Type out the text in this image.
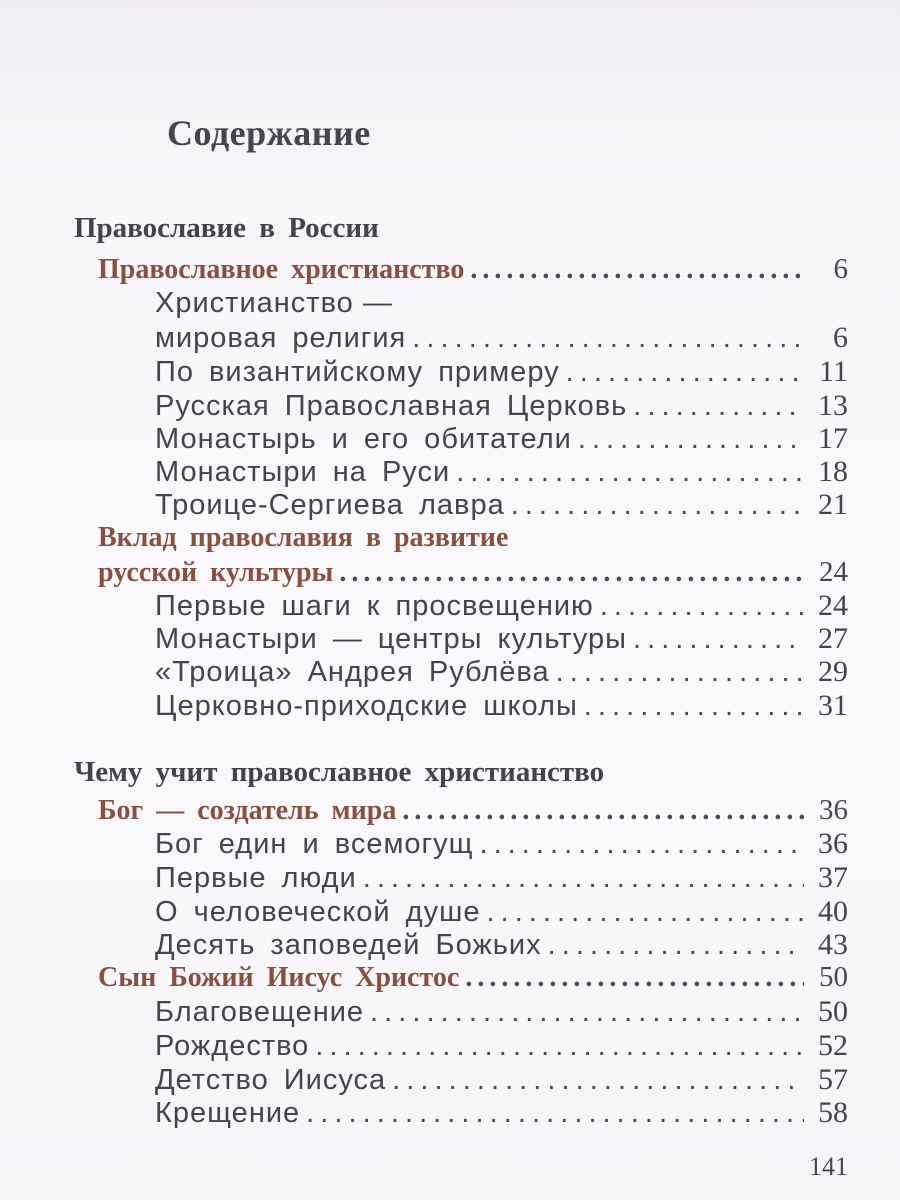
Содержание
Православие в России
Православное христианство . . .	6
Христианство —
мировая религия . . .	6
По византийскому примеру . . .	11
Русская Православная Церковь . . .	13
Монастырь и его обитатели . . .	17
Монастыри на Руси . . .	18
Троице-Сергиева лавра . . .	21
Вклад православия в развитие
русской культуры . . .	24
Первые шаги к просвещению . . .	24
Монастыри — центры культуры . . .	27
«Троица» Андрея Рублёва . . .	29
Церковно-приходские школы . . .	31
Чему учит православное христианство
Бог — создатель мира . . .	36
Бог един и всемогущ . . .	36
Первые люди . . .	37
О человеческой душе . . .	40
Десять заповедей Божьих . . .	43
Сын Божий Иисус Христос . . .	50
Благовещение . . .	50
Рождество . . .	52
Детство Иисуса . . .	57
Крещение . . .	58
141
